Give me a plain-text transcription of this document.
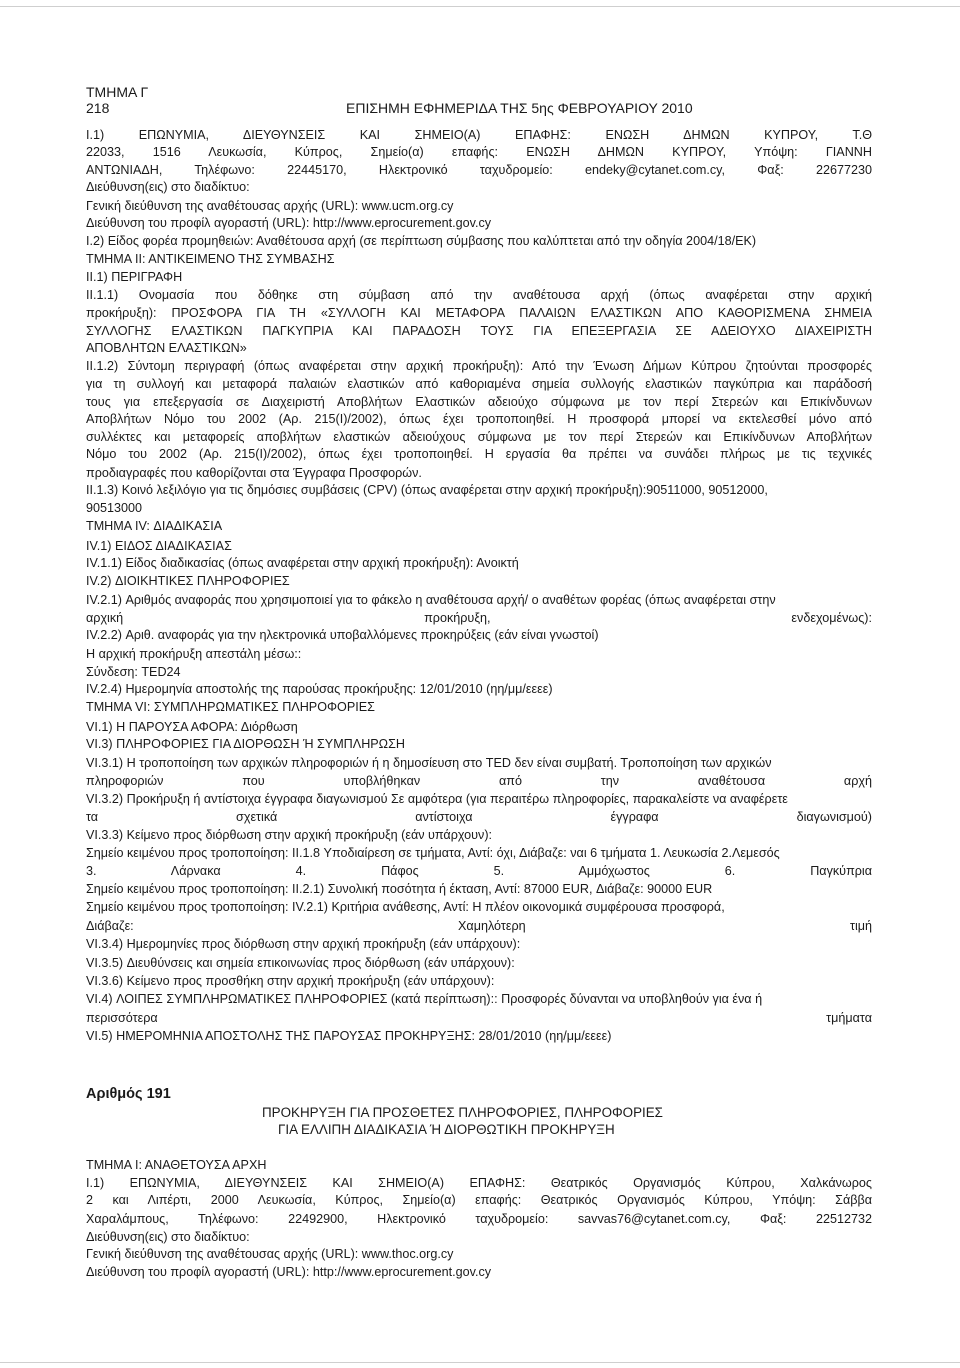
ΤΜΗΜΑ Γ
218	ΕΠΙΣΗΜΗ ΕΦΗΜΕΡΙΔΑ ΤΗΣ 5ης ΦΕΒΡΟΥΑΡΙΟΥ 2010
Ι.1) ΕΠΩΝΥΜΙΑ, ΔΙΕΥΘΥΝΣΕΙΣ ΚΑΙ ΣΗΜΕΙΟ(Α) ΕΠΑΦΗΣ: ΕΝΩΣΗ ΔΗΜΩΝ ΚΥΠΡΟΥ, Τ.Θ
22033, 1516 Λευκωσία, Κύπρος, Σημείο(α) επαφής: ΕΝΩΣΗ ΔΗΜΩΝ ΚΥΠΡΟΥ, Υπόψη: ΓΙΑΝΝΗ
ΑΝΤΩΝΙΑΔΗ, Τηλέφωνο: 22445170, Ηλεκτρονικό ταχυδρομείο: endeky@cytanet.com.cy, Φαξ: 22677230
Διεύθυνση(εις) στο διαδίκτυο:
Γενική διεύθυνση της αναθέτουσας αρχής (URL): www.ucm.org.cy
Διεύθυνση του προφίλ αγοραστή (URL): http://www.eprocurement.gov.cy
Ι.2) Είδος φορέα προμηθειών: Αναθέτουσα αρχή (σε περίπτωση σύμβασης που καλύπτεται από την οδηγία 2004/18/ΕΚ)
ΤΜΗΜΑ ΙΙ: ΑΝΤΙΚΕΙΜΕΝΟ ΤΗΣ ΣΥΜΒΑΣΗΣ
ΙΙ.1) ΠΕΡΙΓΡΑΦΗ
ΙΙ.1.1) Ονομασία που δόθηκε στη σύμβαση από την αναθέτουσα αρχή (όπως αναφέρεται στην αρχική
προκήρυξη): ΠΡΟΣΦΟΡΑ ΓΙΑ ΤΗ «ΣΥΛΛΟΓΗ ΚΑΙ ΜΕΤΑΦΟΡΑ ΠΑΛΑΙΩΝ ΕΛΑΣΤΙΚΩΝ ΑΠΟ ΚΑΘΟΡΙΣΜΕΝΑ ΣΗΜΕΙΑ
ΣΥΛΛΟΓΗΣ ΕΛΑΣΤΙΚΩΝ ΠΑΓΚΥΠΡΙΑ ΚΑΙ ΠΑΡΑΔΟΣΗ ΤΟΥΣ ΓΙΑ ΕΠΕΞΕΡΓΑΣΙΑ ΣΕ ΑΔΕΙΟΥΧΟ ΔΙΑΧΕΙΡΙΣΤΗ
ΑΠΟΒΛΗΤΩΝ ΕΛΑΣΤΙΚΩΝ»
ΙΙ.1.2) Σύντομη περιγραφή (όπως αναφέρεται στην αρχική προκήρυξη): Από την Ένωση Δήμων Κύπρου ζητούνται προσφορές
για τη συλλογή και μεταφορά παλαιών ελαστικών από καθοριαμένα σημεία συλλογής ελαστικών παγκύπρια και παράδοσή
τους για επεξεργασία σε Διαχειριστή Αποβλήτων Ελαστικών αδειούχο σύμφωνα με τον περί Στερεών και Επικίνδυνων
Αποβλήτων Νόμο του 2002 (Αρ. 215(Ι)/2002), όπως έχει τροποποιηθεί. Η προσφορά μπορεί να εκτελεσθεί μόνο από
συλλέκτες και μεταφορείς αποβλήτων ελαστικών αδειούχους σύμφωνα με τον περί Στερεών και Επικίνδυνων Αποβλήτων
Νόμο του 2002 (Αρ. 215(Ι)/2002), όπως έχει τροποποιηθεί. Η εργασία θα πρέπει να συνάδει πλήρως με τις τεχνικές
προδιαγραφές που καθορίζονται στα Έγγραφα Προσφορών.
ΙΙ.1.3) Κοινό λεξιλόγιο για τις δημόσιες συμβάσεις (CPV) (όπως αναφέρεται στην αρχική προκήρυξη):90511000, 90512000,
90513000
ΤΜΗΜΑ IV: ΔΙΑΔΙΚΑΣΙΑ
IV.1) ΕΙΔΟΣ ΔΙΑΔΙΚΑΣΙΑΣ
IV.1.1) Είδος διαδικασίας (όπως αναφέρεται στην αρχική προκήρυξη): Ανοικτή
IV.2) ΔΙΟΙΚΗΤΙΚΕΣ ΠΛΗΡΟΦΟΡΙΕΣ
IV.2.1) Αριθμός αναφοράς που χρησιμοποιεί για το φάκελο η αναθέτουσα αρχή/ ο αναθέτων φορέας (όπως αναφέρεται στην
αρχική προκήρυξη, ενδεχομένως):
IV.2.2) Αριθ. αναφοράς για την ηλεκτρονικά υποβαλλόμενες προκηρύξεις (εάν είναι γνωστοί)
Η αρχική προκήρυξη απεστάλη μέσω::
Σύνδεση: TED24
IV.2.4) Ημερομηνία αποστολής της παρούσας προκήρυξης: 12/01/2010 (ηη/μμ/εεεε)
ΤΜΗΜΑ VI: ΣΥΜΠΛΗΡΩΜΑΤΙΚΕΣ ΠΛΗΡΟΦΟΡΙΕΣ
VI.1) Η ΠΑΡΟΥΣΑ ΑΦΟΡΑ: Διόρθωση
VI.3) ΠΛΗΡΟΦΟΡΙΕΣ ΓΙΑ ΔΙΟΡΘΩΣΗ Ή ΣΥΜΠΛΗΡΩΣΗ
VI.3.1) Η τροποποίηση των αρχικών πληροφοριών ή η δημοσίευση στο TED δεν είναι συμβατή. Τροποποίηση των αρχικών
πληροφοριών που υποβλήθηκαν από την αναθέτουσα αρχή
VI.3.2) Προκήρυξη ή αντίστοιχα έγγραφα διαγωνισμού Σε αμφότερα (για περαιτέρω πληροφορίες, παρακαλείστε να αναφέρετε
τα σχετικά αντίστοιχα έγγραφα διαγωνισμού)
VI.3.3) Κείμενο προς διόρθωση στην αρχική προκήρυξη (εάν υπάρχουν):
Σημείο κειμένου προς τροποποίηση: II.1.8 Υποδιαίρεση σε τμήματα, Αντί: όχι, Διάβαζε: ναι 6 τμήματα 1. Λευκωσία 2.Λεμεσός
3. Λάρνακα 4. Πάφος 5. Αμμόχωστος 6. Παγκύπρια
Σημείο κειμένου προς τροποποίηση: II.2.1) Συνολική ποσότητα ή έκταση, Αντί: 87000 EUR, Διάβαζε: 90000 EUR
Σημείο κειμένου προς τροποποίηση: IV.2.1) Κριτήρια ανάθεσης, Αντί: Η πλέον οικονομικά συμφέρουσα προσφορά,
Διάβαζε: Χαμηλότερη τιμή
VI.3.4) Ημερομηνίες προς διόρθωση στην αρχική προκήρυξη (εάν υπάρχουν):
VI.3.5) Διευθύνσεις και σημεία επικοινωνίας προς διόρθωση (εάν υπάρχουν):
VI.3.6) Κείμενο προς προσθήκη στην αρχική προκήρυξη (εάν υπάρχουν):
VI.4) ΛΟΙΠΕΣ ΣΥΜΠΛΗΡΩΜΑΤΙΚΕΣ ΠΛΗΡΟΦΟΡΙΕΣ (κατά περίπτωση):: Προσφορές δύνανται να υποβληθούν για ένα ή
περισσότερα τμήματα
VI.5) ΗΜΕΡΟΜΗΝΙΑ ΑΠΟΣΤΟΛΗΣ ΤΗΣ ΠΑΡΟΥΣΑΣ ΠΡΟΚΗΡΥΞΗΣ: 28/01/2010 (ηη/μμ/εεεε)
Αριθμός 191
ΠΡΟΚΗΡΥΞΗ ΓΙΑ ΠΡΟΣΘΕΤΕΣ ΠΛΗΡΟΦΟΡΙΕΣ, ΠΛΗΡΟΦΟΡΙΕΣ
ΓΙΑ ΕΛΛΙΠΗ ΔΙΑΔΙΚΑΣΙΑ Ή ΔΙΟΡΘΩΤΙΚΗ ΠΡΟΚΗΡΥΞΗ
ΤΜΗΜΑ Ι: ΑΝΑΘΕΤΟΥΣΑ ΑΡΧΗ
Ι.1) ΕΠΩΝΥΜΙΑ, ΔΙΕΥΘΥΝΣΕΙΣ ΚΑΙ ΣΗΜΕΙΟ(Α) ΕΠΑΦΗΣ: Θεατρικός Οργανισμός Κύπρου, Χαλκάνωρος
2 και Λιπέρτι, 2000 Λευκωσία, Κύπρος, Σημείο(α) επαφής: Θεατρικός Οργανισμός Κύπρου, Υπόψη: Σάββα
Χαραλάμπους, Τηλέφωνο: 22492900, Ηλεκτρονικό ταχυδρομείο: savvas76@cytanet.com.cy, Φαξ: 22512732
Διεύθυνση(εις) στο διαδίκτυο:
Γενική διεύθυνση της αναθέτουσας αρχής (URL): www.thoc.org.cy
Διεύθυνση του προφίλ αγοραστή (URL): http://www.eprocurement.gov.cy
